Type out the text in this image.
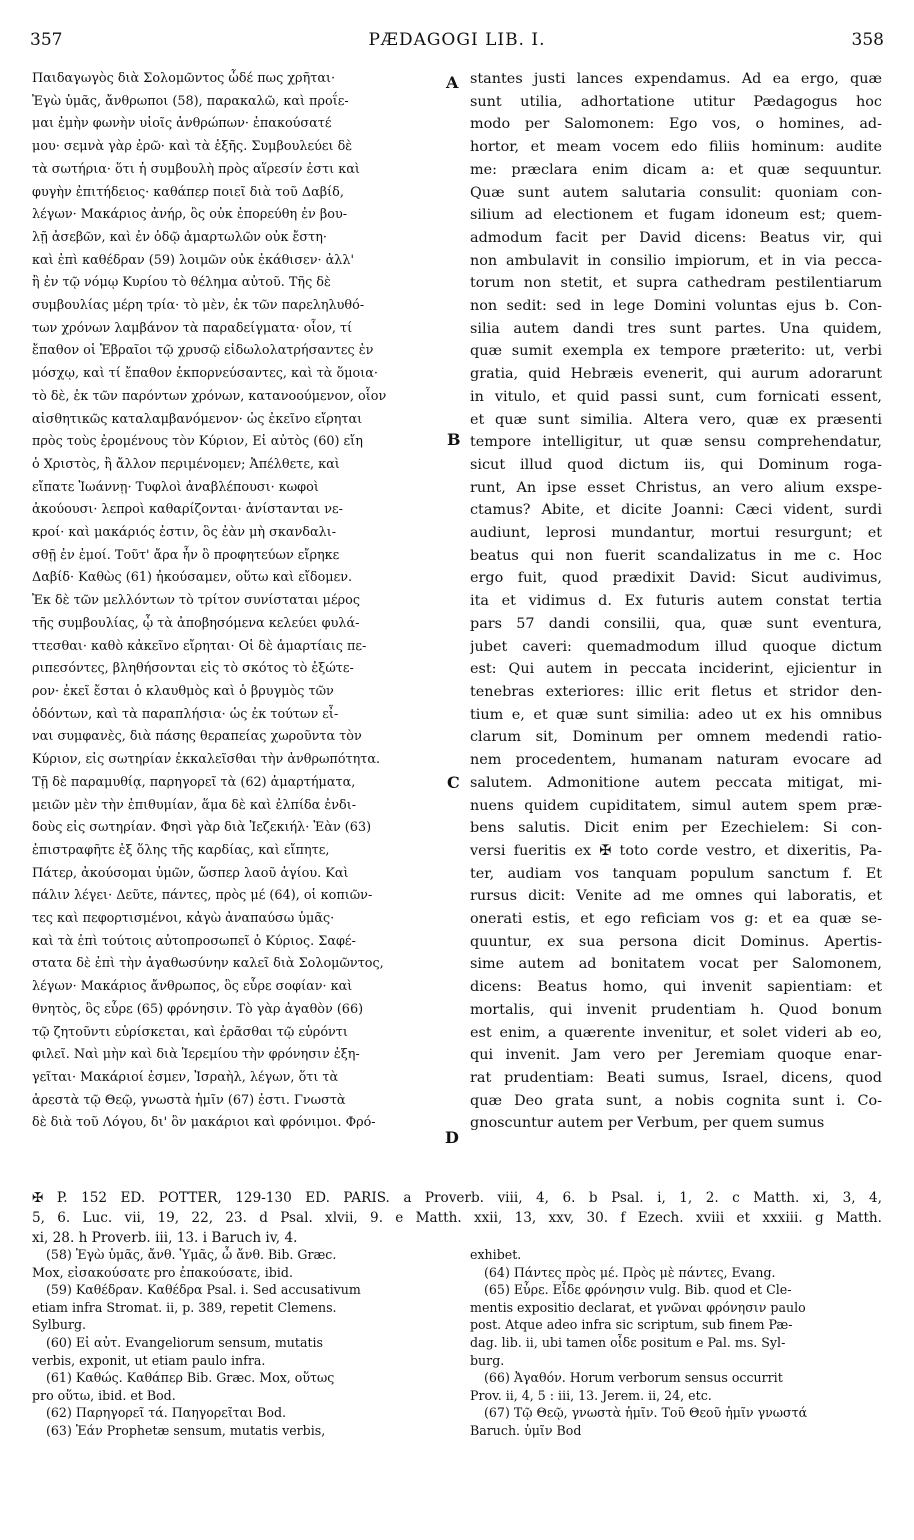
357	PÆDAGOGI LIB. I.	358
A
B
C
D
Παιδαγωγὸς διὰ Σολομῶντος ὧδέ πως χρῆται·
Ἐγὼ ὑμᾶς, ἄνθρωποι (58), παρακαλῶ, καὶ προΐε-
μαι ἐμὴν φωνὴν υἱοῖς ἀνθρώπων· ἐπακούσατέ
μου· σεμνὰ γὰρ ἐρῶ· καὶ τὰ ἑξῆς. Συμβουλεύει δὲ
τὰ σωτήρια· ὅτι ἡ συμβουλὴ πρὸς αἵρεσίν ἐστι καὶ
φυγὴν ἐπιτήδειος· καθάπερ ποιεῖ διὰ τοῦ Δαβίδ,
λέγων· Μακάριος ἀνήρ, ὃς οὐκ ἐπορεύθη ἐν βου-
λῇ ἀσεβῶν, καὶ ἐν ὁδῷ ἁμαρτωλῶν οὐκ ἔστη·
καὶ ἐπὶ καθέδραν (59) λοιμῶν οὐκ ἐκάθισεν· ἀλλ'
ἢ ἐν τῷ νόμῳ Κυρίου τὸ θέλημα αὐτοῦ. Τῆς δὲ
συμβουλίας μέρη τρία· τὸ μὲν, ἐκ τῶν παρεληλυθό-
των χρόνων λαμβάνον τὰ παραδείγματα· οἷον, τί
ἔπαθον οἱ Ἑβραῖοι τῷ χρυσῷ εἰδωλολατρήσαντες ἐν
μόσχῳ, καὶ τί ἔπαθον ἐκπορνεύσαντες, καὶ τὰ ὅμοια·
τὸ δὲ, ἐκ τῶν παρόντων χρόνων, κατανοούμενον, οἷον
αἰσθητικῶς καταλαμβανόμενον· ὡς ἐκεῖνο εἴρηται
πρὸς τοὺς ἐρομένους τὸν Κύριον, Εἰ αὐτὸς (60) εἴη
ὁ Χριστὸς, ἢ ἄλλον περιμένομεν; Ἀπέλθετε, καὶ
εἴπατε Ἰωάννῃ· Τυφλοὶ ἀναβλέπουσι· κωφοὶ
ἀκούουσι· λεπροὶ καθαρίζονται· ἀνίστανται νε-
κροί· καὶ μακάριός ἐστιν, ὃς ἐὰν μὴ σκανδαλι-
σθῇ ἐν ἐμοί. Τοῦτ' ἄρα ἦν ὃ προφητεύων εἴρηκε
Δαβίδ· Καθὼς (61) ἠκούσαμεν, οὕτω καὶ εἴδομεν.
Ἐκ δὲ τῶν μελλόντων τὸ τρίτον συνίσταται μέρος
τῆς συμβουλίας, ᾧ τὰ ἀποβησόμενα κελεύει φυλά-
ττεσθαι· καθὸ κἀκεῖνο εἴρηται· Οἱ δὲ ἁμαρτίαις πε-
ριπεσόντες, βληθήσονται εἰς τὸ σκότος τὸ ἐξώτε-
ρον· ἐκεῖ ἔσται ὁ κλαυθμὸς καὶ ὁ βρυγμὸς τῶν
ὀδόντων, καὶ τὰ παραπλήσια· ὡς ἐκ τούτων εἶ-
ναι συμφανὲς, διὰ πάσης θεραπείας χωροῦντα τὸν
Κύριον, εἰς σωτηρίαν ἐκκαλεῖσθαι τὴν ἀνθρωπότητα.
Τῇ δὲ παραμυθίᾳ, παρηγορεῖ τὰ (62) ἁμαρτήματα,
μειῶν μὲν τὴν ἐπιθυμίαν, ἅμα δὲ καὶ ἐλπίδα ἐνδι-
δοὺς εἰς σωτηρίαν. Φησὶ γὰρ διὰ Ἰεζεκιήλ· Ἐὰν (63)
ἐπιστραφῆτε ἐξ ὅλης τῆς καρδίας, καὶ εἴπητε,
Πάτερ, ἀκούσομαι ὑμῶν, ὥσπερ λαοῦ ἁγίου. Καὶ
πάλιν λέγει· Δεῦτε, πάντες, πρὸς μέ (64), οἱ κοπιῶν-
τες καὶ πεφορτισμένοι, κἀγὼ ἀναπαύσω ὑμᾶς·
καὶ τὰ ἐπὶ τούτοις αὐτοπροσωπεῖ ὁ Κύριος. Σαφέ-
στατα δὲ ἐπὶ τὴν ἀγαθωσύνην καλεῖ διὰ Σολομῶντος,
λέγων· Μακάριος ἄνθρωπος, ὃς εὗρε σοφίαν· καὶ
θνητὸς, ὃς εὗρε (65) φρόνησιν. Τὸ γὰρ ἀγαθὸν (66)
τῷ ζητοῦντι εὑρίσκεται, καὶ ἐρᾶσθαι τῷ εὑρόντι
φιλεῖ. Ναὶ μὴν καὶ διὰ Ἱερεμίου τὴν φρόνησιν ἐξη-
γεῖται· Μακάριοί ἐσμεν, Ἰσραὴλ, λέγων, ὅτι τὰ
ἀρεστὰ τῷ Θεῷ, γνωστὰ ἡμῖν (67) ἐστι. Γνωστὰ
δὲ διὰ τοῦ Λόγου, δι' ὃν μακάριοι καὶ φρόνιμοι. Φρό-
stantes justi lances expendamus. Ad ea ergo, quæ
sunt utilia, adhortatione utitur Pædagogus hoc
modo per Salomonem: Ego vos, o homines, ad-
hortor, et meam vocem edo filiis hominum: audite
me: præclara enim dicam a: et quæ sequuntur.
Quæ sunt autem salutaria consulit: quoniam con-
silium ad electionem et fugam idoneum est; quem-
admodum facit per David dicens: Beatus vir, qui
non ambulavit in consilio impiorum, et in via pecca-
torum non stetit, et supra cathedram pestilentiarum
non sedit: sed in lege Domini voluntas ejus b. Con-
silia autem dandi tres sunt partes. Una quidem,
quæ sumit exempla ex tempore præterito: ut, verbi
gratia, quid Hebræis evenerit, qui aurum adorarunt
in vitulo, et quid passi sunt, cum fornicati essent,
et quæ sunt similia. Altera vero, quæ ex præsenti
tempore intelligitur, ut quæ sensu comprehendatur,
sicut illud quod dictum iis, qui Dominum roga-
runt, An ipse esset Christus, an vero alium exspe-
ctamus? Abite, et dicite Joanni: Cæci vident, surdi
audiunt, leprosi mundantur, mortui resurgunt; et
beatus qui non fuerit scandalizatus in me c. Hoc
ergo fuit, quod prædixit David: Sicut audivimus,
ita et vidimus d. Ex futuris autem constat tertia
pars 57 dandi consilii, qua, quæ sunt eventura,
jubet caveri: quemadmodum illud quoque dictum
est: Qui autem in peccata inciderint, ejicientur in
tenebras exteriores: illic erit fletus et stridor den-
tium e, et quæ sunt similia: adeo ut ex his omnibus
clarum sit, Dominum per omnem medendi ratio-
nem procedentem, humanam naturam evocare ad
salutem. Admonitione autem peccata mitigat, mi-
nuens quidem cupiditatem, simul autem spem præ-
bens salutis. Dicit enim per Ezechielem: Si con-
versi fueritis ex ✠ toto corde vestro, et dixeritis, Pa-
ter, audiam vos tanquam populum sanctum f. Et
rursus dicit: Venite ad me omnes qui laboratis, et
onerati estis, et ego reficiam vos g: et ea quæ se-
quuntur, ex sua persona dicit Dominus. Apertis-
sime autem ad bonitatem vocat per Salomonem,
dicens: Beatus homo, qui invenit sapientiam: et
mortalis, qui invenit prudentiam h. Quod bonum
est enim, a quærente invenitur, et solet videri ab eo,
qui invenit. Jam vero per Jeremiam quoque enar-
rat prudentiam: Beati sumus, Israel, dicens, quod
quæ Deo grata sunt, a nobis cognita sunt i. Co-
gnoscuntur autem per Verbum, per quem sumus
✠ P. 152 ED. POTTER, 129-130 ED. PARIS. a Proverb. viii, 4, 6. b Psal. i, 1, 2. c Matth. xi, 3, 4,
5, 6. Luc. vii, 19, 22, 23. d Psal. xlvii, 9. e Matth. xxii, 13, xxv, 30. f Ezech. xviii et xxxiii. g Matth.
xi, 28. h Proverb. iii, 13. i Baruch iv, 4.
(58) Ἐγὼ ὑμᾶς, ἄνθ. Ὑμᾶς, ὦ ἄνθ. Bib. Græc.
Mox, εἰσακούσατε pro ἐπακούσατε, ibid.
(59) Καθέδραν. Καθέδρα Psal. i. Sed accusativum
etiam infra Stromat. ii, p. 389, repetit Clemens.
Sylburg.
(60) Εἰ αὐτ. Evangeliorum sensum, mutatis
verbis, exponit, ut etiam paulo infra.
(61) Καθώς. Καθάπερ Bib. Græc. Mox, οὕτως
pro οὕτω, ibid. et Bod.
(62) Παρηγορεῖ τά. Παηγορεῖται Bod.
(63) Ἐάν Prophetæ sensum, mutatis verbis,
exhibet.
(64) Πάντες πρὸς μέ. Πρὸς μὲ πάντες, Evang.
(65) Εὗρε. Εἶδε φρόνησιν vulg. Bib. quod et Cle-
mentis expositio declarat, et γνῶναι φρόνησιν paulo
post. Atque adeo infra sic scriptum, sub finem Pæ-
dag. lib. ii, ubi tamen οἶδε positum e Pal. ms. Syl-
burg.
(66) Ἀγαθόν. Horum verborum sensus occurrit
Prov. ii, 4, 5 : iii, 13. Jerem. ii, 24, etc.
(67) Τῷ Θεῷ, γνωστὰ ἡμῖν. Τοῦ Θεοῦ ἡμῖν γνωστά
Baruch. ὑμῖν Bod
